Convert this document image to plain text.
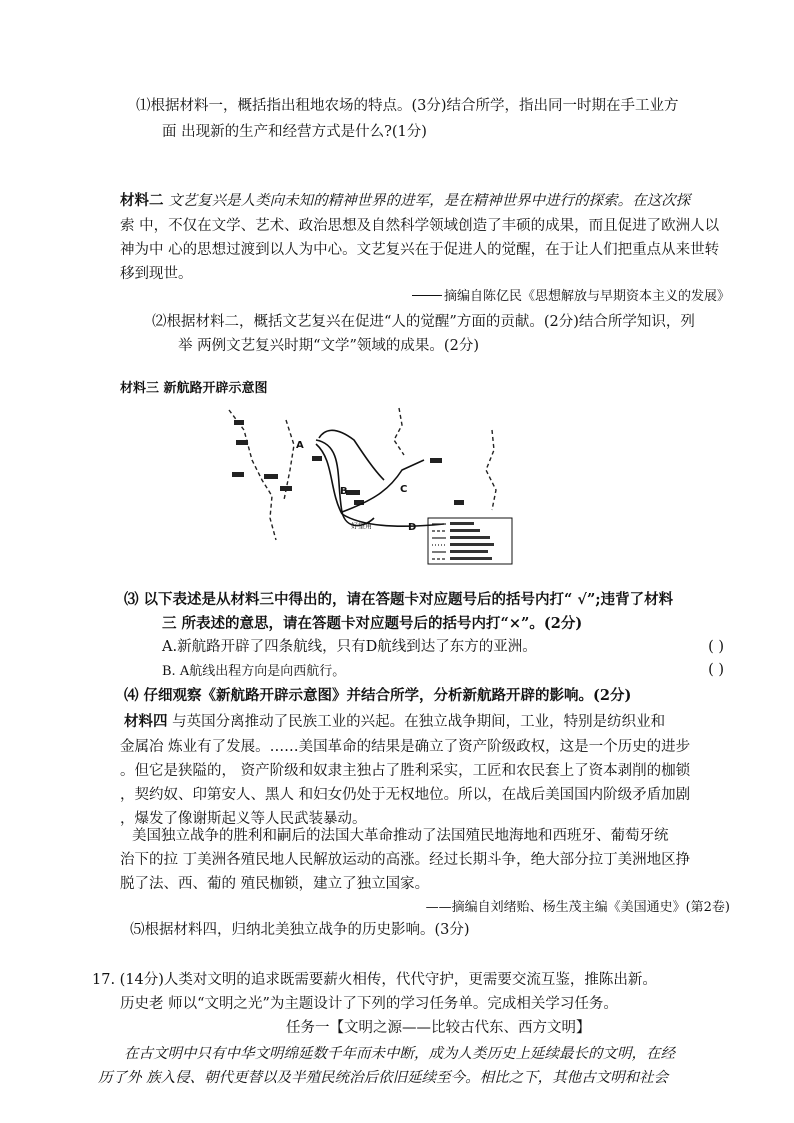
⑴根据材料一，概括指出租地农场的特点。(3分)结合所学，指出同一时期在手工业方
面 出现新的生产和经营方式是什么?(1分)
材料二 文艺复兴是人类向未知的精神世界的进军，是在精神世界中进行的探索。在这次探
索 中，不仅在文学、艺术、政治思想及自然科学领域创造了丰硕的成果，而且促进了欧洲人以
神为中 心的思想过渡到以人为中心。文艺复兴在于促进人的觉醒，在于让人们把重点从来世转
移到现世。
摘编自陈亿民《思想解放与早期资本主义的发展》
⑵根据材料二，概括文艺复兴在促进“人的觉醒”方面的贡献。(2分)结合所学知识，列
举 两例文艺复兴时期“文学”领域的成果。(2分)
材料三 新航路开辟示意图
A
B	C
D
好望角
⑶ 以下表述是从材料三中得出的，请在答题卡对应题号后的括号内打“ √”;违背了材料
三 所表述的意思，请在答题卡对应题号后的括号内打“×”。(2分)
A.新航路开辟了四条航线，只有D航线到达了东方的亚洲。	( )
B. A航线出程方向是向西航行。	( )
⑷ 仔细观察《新航路开辟示意图》并结合所学，分析新航路开辟的影响。(2分)
材料四 与英国分离推动了民族工业的兴起。在独立战争期间，工业，特别是纺织业和
金属冶 炼业有了发展。……美国革命的结果是确立了资产阶级政权，这是一个历史的进步
。但它是狭隘的， 资产阶级和奴隶主独占了胜利采实，工匠和农民套上了资本剥削的枷锁
，契约奴、印第安人、黑人 和妇女仍处于无权地位。所以，在战后美国国内阶级矛盾加剧
，爆发了像谢斯起义等人民武装暴动。
美国独立战争的胜利和嗣后的法国大革命推动了法国殖民地海地和西班牙、葡萄牙统
治下的拉 丁美洲各殖民地人民解放运动的高涨。经过长期斗争，绝大部分拉丁美洲地区挣
脱了法、西、葡的 殖民枷锁，建立了独立国家。
——摘编自刘绪贻、杨生茂主编《美国通史》(第2卷)
⑸根据材料四，归纳北美独立战争的历史影响。(3分)
17. (14分)人类对文明的追求既需要薪火相传，代代守护，更需要交流互鉴，推陈出新。
历史老 师以“文明之光”为主题设计了下列的学习任务单。完成相关学习任务。
任务一【文明之源——比较古代东、西方文明】
在古文明中只有中华文明绵延数千年而未中断，成为人类历史上延续最长的文明，在经
历了外 族入侵、朝代更替以及半殖民统治后依旧延续至今。相比之下，其他古文明和社会
